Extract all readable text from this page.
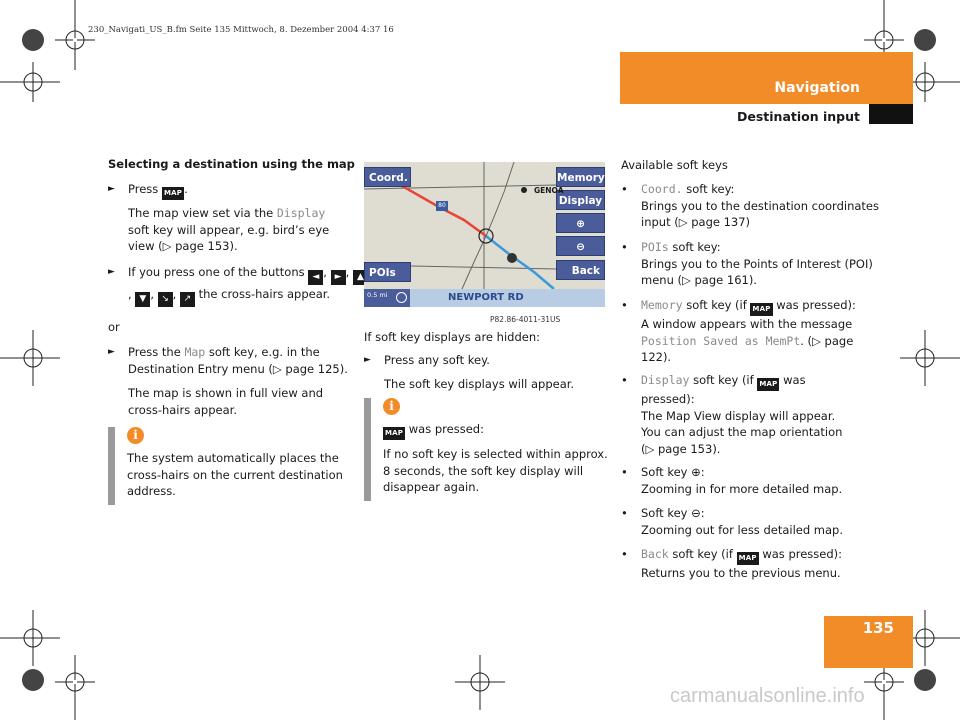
230_Navigati_US_B.fm Seite 135 Mittwoch, 8. Dezember 2004 4:37 16
Navigation
Destination input
Selecting a destination using the map
► Press MAP .
The map view set via the Display soft key will appear, e.g. bird’s eye view (▷ page 153).
► If you press one of the buttons ◄ , ► , ▲, ▼ , ↘ , ↗ the cross-hairs appear.
or
► Press the Map soft key, e.g. in the Destination Entry menu (▷ page 125).
The map is shown in full view and cross-hairs appear.
i
The system automatically places the cross-hairs on the current destination address.
Coord.	Memory
Display
⊕
⊖
POIs	Back
GENOA
80
0.5 mi	NEWPORT RD
P82.86-4011-31US
If soft key displays are hidden:
► Press any soft key.
The soft key displays will appear.
i
MAP was pressed:
If no soft key is selected within approx. 8 seconds, the soft key display will disappear again.
Available soft keys
• Coord. soft key:
Brings you to the destination coordinates input (▷ page 137)
• POIs soft key:
Brings you to the Points of Interest (POI) menu (▷ page 161).
• Memory soft key (if MAP was pressed):
A window appears with the message Position Saved as MemPt. (▷ page 122).
• Display soft key (if MAP was pressed):
The Map View display will appear. You can adjust the map orientation (▷ page 153).
• Soft key ⊕:
Zooming in for more detailed map.
• Soft key ⊖:
Zooming out for less detailed map.
• Back soft key (if MAP was pressed):
Returns you to the previous menu.
135
carmanualsonline.info
